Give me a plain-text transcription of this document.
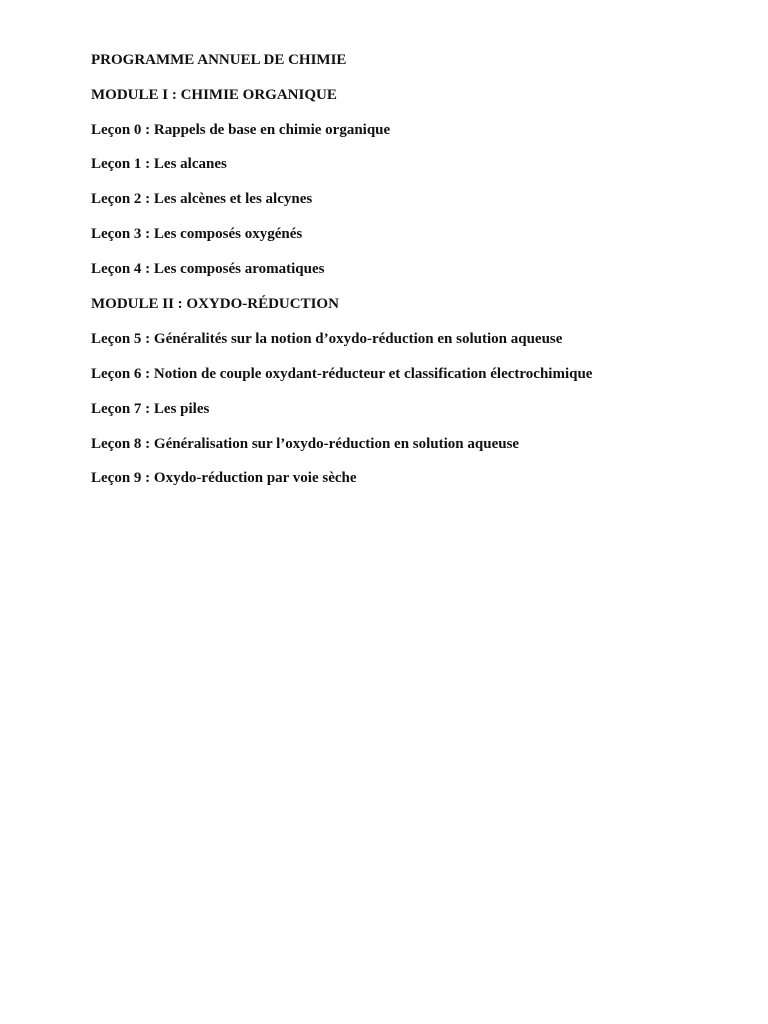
PROGRAMME ANNUEL DE CHIMIE

MODULE I : CHIMIE ORGANIQUE

Leçon 0 : Rappels de base en chimie organique

Leçon 1 : Les alcanes

Leçon 2 : Les alcènes et les alcynes

Leçon 3 : Les composés oxygénés

Leçon 4 : Les composés aromatiques

MODULE II : OXYDO-RÉDUCTION

Leçon 5 : Généralités sur la notion d’oxydo-réduction en solution aqueuse

Leçon 6 : Notion de couple oxydant-réducteur et classification électrochimique

Leçon 7 : Les piles

Leçon 8 : Généralisation sur l’oxydo-réduction en solution aqueuse

Leçon 9 : Oxydo-réduction par voie sèche
